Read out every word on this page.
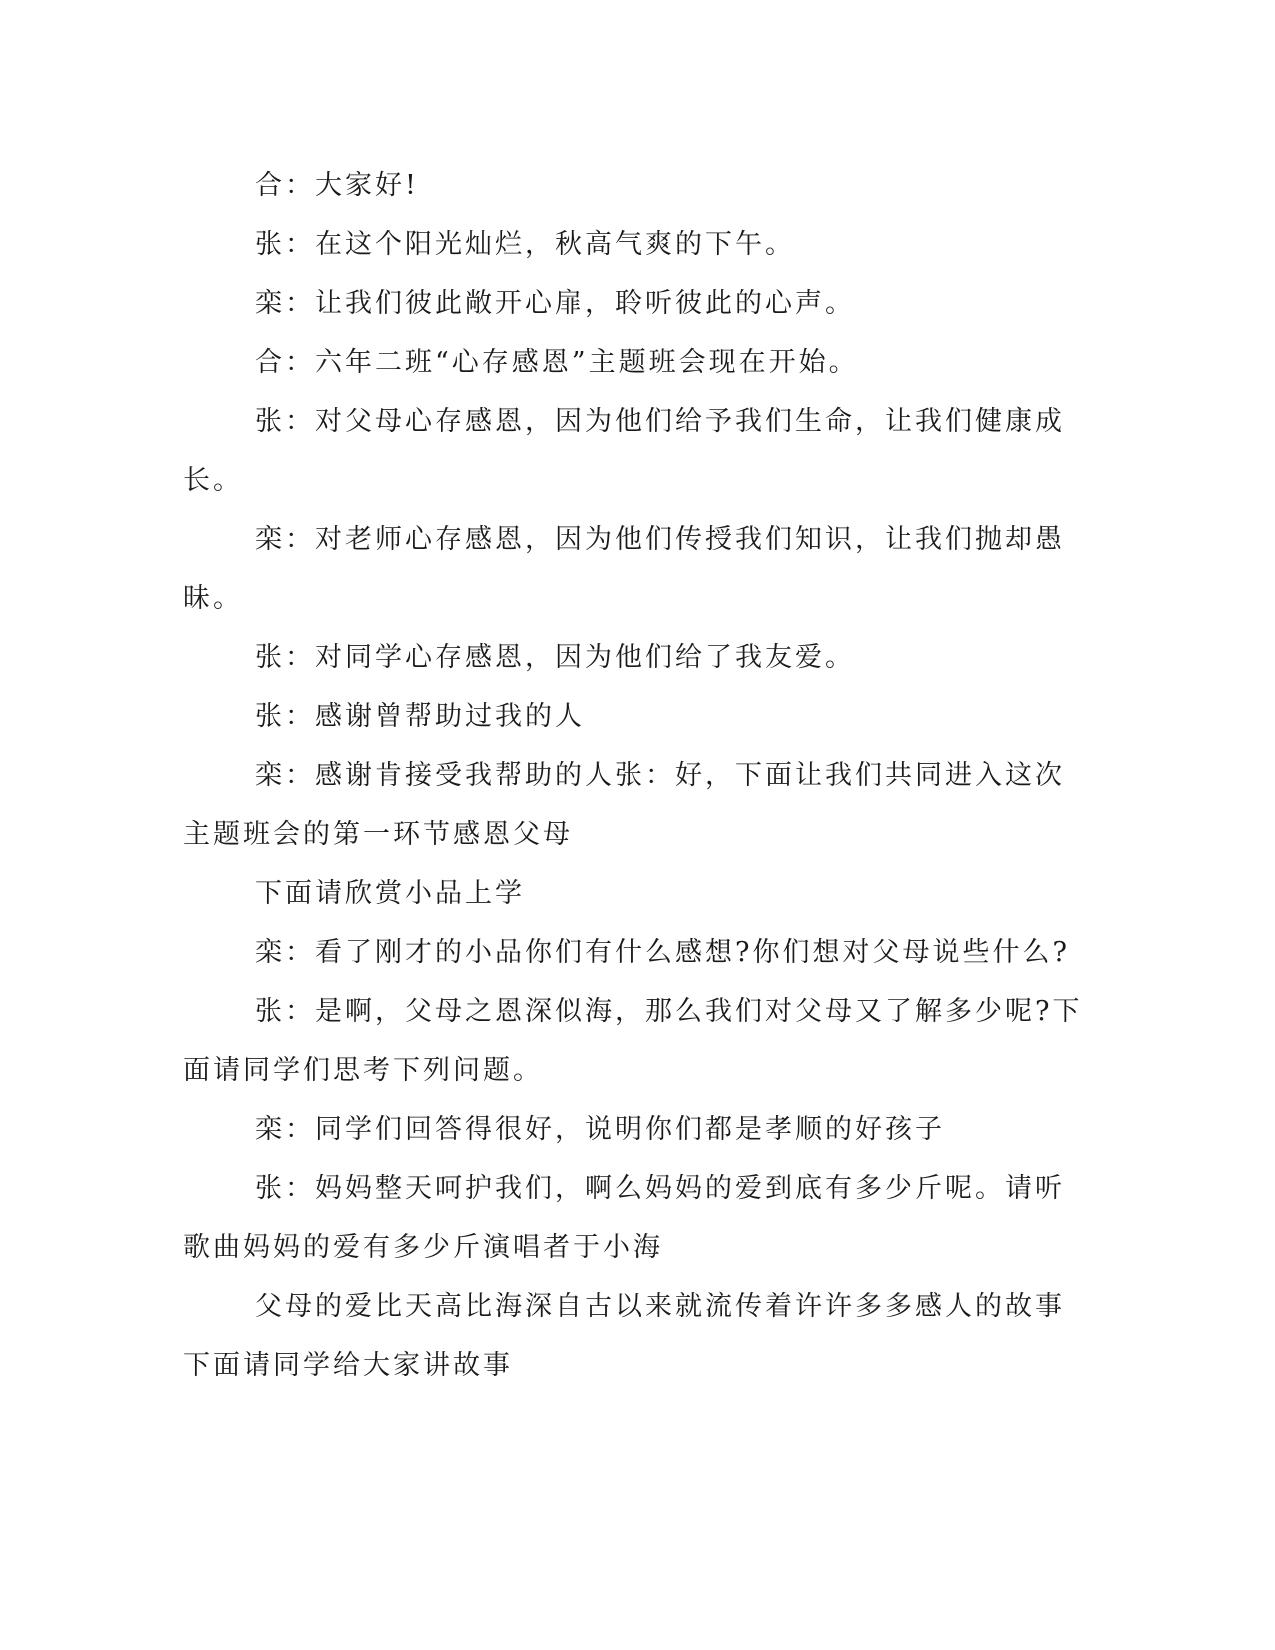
合：大家好!

张：在这个阳光灿烂，秋高气爽的下午。

栾：让我们彼此敞开心扉，聆听彼此的心声。

合：六年二班“心存感恩”主题班会现在开始。

张：对父母心存感恩，因为他们给予我们生命，让我们健康成长。

栾：对老师心存感恩，因为他们传授我们知识，让我们抛却愚昧。

张：对同学心存感恩，因为他们给了我友爱。

张：感谢曾帮助过我的人

栾：感谢肯接受我帮助的人张：好，下面让我们共同进入这次主题班会的第一环节感恩父母

下面请欣赏小品上学

栾：看了刚才的小品你们有什么感想?你们想对父母说些什么?

张：是啊，父母之恩深似海，那么我们对父母又了解多少呢?下面请同学们思考下列问题。

栾：同学们回答得很好，说明你们都是孝顺的好孩子

张：妈妈整天呵护我们，啊么妈妈的爱到底有多少斤呢。请听歌曲妈妈的爱有多少斤演唱者于小海

父母的爱比天高比海深自古以来就流传着许许多多感人的故事下面请同学给大家讲故事
